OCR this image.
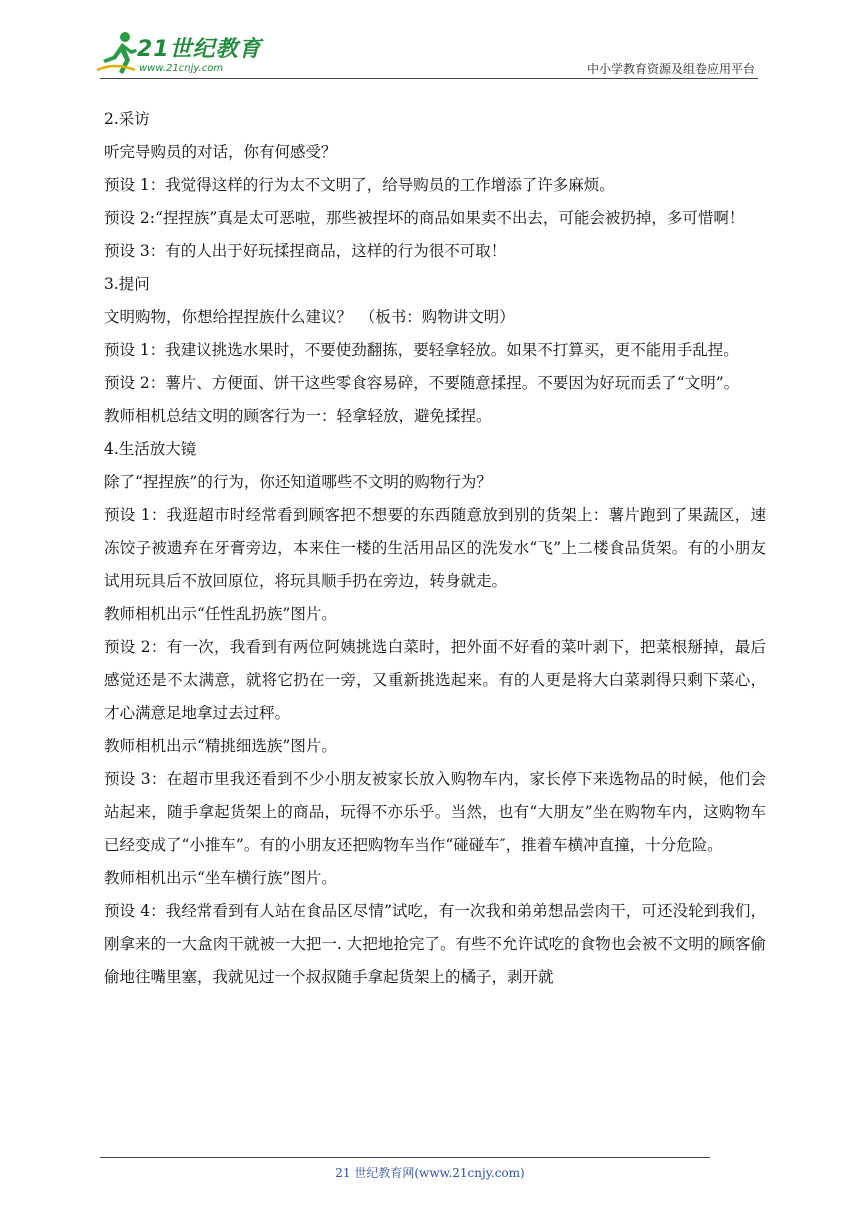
21世纪教育
www.21cnjy.com	中小学教育资源及组卷应用平台

2.采访

听完导购员的对话，你有何感受？

预设 1：我觉得这样的行为太不文明了，给导购员的工作增添了许多麻烦。

预设 2:“捏捏族”真是太可恶啦，那些被捏坏的商品如果卖不出去，可能会被扔掉，多可惜啊！

预设 3：有的人出于好玩揉捏商品，这样的行为很不可取！

3.提问

文明购物，你想给捏捏族什么建议？　（板书：购物讲文明）

预设 1：我建议挑选水果时，不要使劲翻拣，要轻拿轻放。如果不打算买，更不能用手乱捏。

预设 2：薯片、方便面、饼干这些零食容易碎，不要随意揉捏。不要因为好玩而丢了“文明”。

教师相机总结文明的顾客行为一：轻拿轻放，避免揉捏。

4.生活放大镜

除了“捏捏族”的行为，你还知道哪些不文明的购物行为？

预设 1：我逛超市时经常看到顾客把不想要的东西随意放到别的货架上：薯片跑到了果蔬区，速冻饺子被遗弃在牙膏旁边，本来住一楼的生活用品区的洗发水“飞”上二楼食品货架。有的小朋友试用玩具后不放回原位，将玩具顺手扔在旁边，转身就走。

教师相机出示“任性乱扔族”图片。

预设 2：有一次，我看到有两位阿姨挑选白菜时，把外面不好看的菜叶剥下，把菜根掰掉，最后感觉还是不太满意，就将它扔在一旁，又重新挑选起来。有的人更是将大白菜剥得只剩下菜心，才心满意足地拿过去过秤。

教师相机出示“精挑细选族”图片。

预设 3：在超市里我还看到不少小朋友被家长放入购物车内，家长停下来选物品的时候，他们会站起来，随手拿起货架上的商品，玩得不亦乐乎。当然，也有“大朋友”坐在购物车内，这购物车已经变成了“小推车”。有的小朋友还把购物车当作“碰碰车″，推着车横冲直撞，十分危险。

教师相机出示“坐车横行族”图片。

预设 4：我经常看到有人站在食品区尽情”试吃，有一次我和弟弟想品尝肉干，可还没轮到我们，刚拿来的一大盒肉干就被一大把一. 大把地抢完了。有些不允许试吃的食物也会被不文明的顾客偷偷地往嘴里塞，我就见过一个叔叔随手拿起货架上的橘子，剥开就

21 世纪教育网(www.21cnjy.com)
